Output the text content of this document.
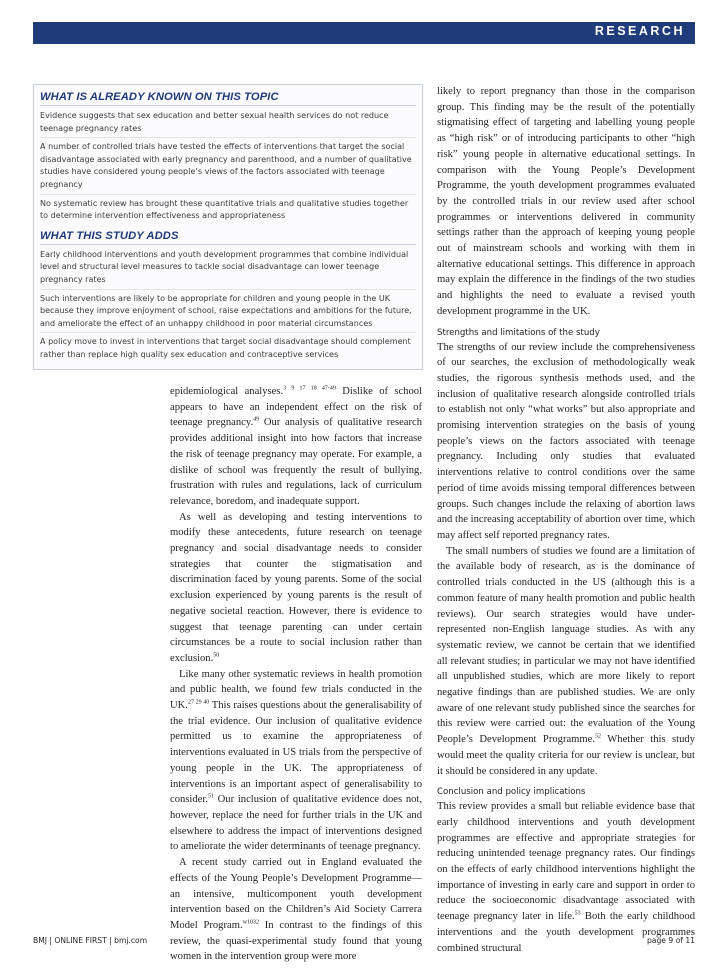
RESEARCH
WHAT IS ALREADY KNOWN ON THIS TOPIC

Evidence suggests that sex education and better sexual health services do not reduce teenage pregnancy rates

A number of controlled trials have tested the effects of interventions that target the social disadvantage associated with early pregnancy and parenthood, and a number of qualitative studies have considered young people’s views of the factors associated with teenage pregnancy

No systematic review has brought these quantitative trials and qualitative studies together to determine intervention effectiveness and appropriateness

WHAT THIS STUDY ADDS

Early childhood interventions and youth development programmes that combine individual level and structural level measures to tackle social disadvantage can lower teenage pregnancy rates

Such interventions are likely to be appropriate for children and young people in the UK because they improve enjoyment of school, raise expectations and ambitions for the future, and ameliorate the effect of an unhappy childhood in poor material circumstances

A policy move to invest in interventions that target social disadvantage should complement rather than replace high quality sex education and contraceptive services

epidemiological analyses.$^{3 9 17 18 47-49}$ Dislike of school appears to have an independent effect on the risk of teenage pregnancy.$^{49}$ Our analysis of qualitative research provides additional insight into how factors that increase the risk of teenage pregnancy may operate. For example, a dislike of school was frequently the result of bullying, frustration with rules and regulations, lack of curriculum relevance, boredom, and inadequate support.

As well as developing and testing interventions to modify these antecedents, future research on teenage pregnancy and social disadvantage needs to consider strategies that counter the stigmatisation and discrimination faced by young parents. Some of the social exclusion experienced by young parents is the result of negative societal reaction. However, there is evidence to suggest that teenage parenting can under certain circumstances be a route to social inclusion rather than exclusion.$^{50}$

Like many other systematic reviews in health promotion and public health, we found few trials conducted in the UK.$^{27 29 40}$ This raises questions about the generalisability of the trial evidence. Our inclusion of qualitative evidence permitted us to examine the appropriateness of interventions evaluated in US trials from the perspective of young people in the UK. The appropriateness of interventions is an important aspect of generalisability to consider.$^{51}$ Our inclusion of qualitative evidence does not, however, replace the need for further trials in the UK and elsewhere to address the impact of interventions designed to ameliorate the wider determinants of teenage pregnancy.

A recent study carried out in England evaluated the effects of the Young People’s Development Programme—an intensive, multicomponent youth development intervention based on the Children’s Aid Society Carrera Model Program.$^{w1032}$ In contrast to the findings of this review, the quasi-experimental study found that young women in the intervention group were more

likely to report pregnancy than those in the comparison group. This finding may be the result of the potentially stigmatising effect of targeting and labelling young people as “high risk” or of introducing participants to other “high risk” young people in alternative educational settings. In comparison with the Young People’s Development Programme, the youth development programmes evaluated by the controlled trials in our review used after school programmes or interventions delivered in community settings rather than the approach of keeping young people out of mainstream schools and working with them in alternative educational settings. This difference in approach may explain the difference in the findings of the two studies and highlights the need to evaluate a revised youth development programme in the UK.

Strengths and limitations of the study

The strengths of our review include the comprehensiveness of our searches, the exclusion of methodologically weak studies, the rigorous synthesis methods used, and the inclusion of qualitative research alongside controlled trials to establish not only “what works” but also appropriate and promising intervention strategies on the basis of young people’s views on the factors associated with teenage pregnancy. Including only studies that evaluated interventions relative to control conditions over the same period of time avoids missing temporal differences between groups. Such changes include the relaxing of abortion laws and the increasing acceptability of abortion over time, which may affect self reported pregnancy rates.

The small numbers of studies we found are a limitation of the available body of research, as is the dominance of controlled trials conducted in the US (although this is a common feature of many health promotion and public health reviews). Our search strategies would have under-represented non-English language studies. As with any systematic review, we cannot be certain that we identified all relevant studies; in particular we may not have identified all unpublished studies, which are more likely to report negative findings than are published studies. We are only aware of one relevant study published since the searches for this review were carried out: the evaluation of the Young People’s Development Programme.$^{52}$ Whether this study would meet the quality criteria for our review is unclear, but it should be considered in any update.

Conclusion and policy implications

This review provides a small but reliable evidence base that early childhood interventions and youth development programmes are effective and appropriate strategies for reducing unintended teenage pregnancy rates. Our findings on the effects of early childhood interventions highlight the importance of investing in early care and support in order to reduce the socioeconomic disadvantage associated with teenage pregnancy later in life.$^{53}$ Both the early childhood interventions and the youth development programmes combined structural

BMJ | ONLINE FIRST | bmj.com	page 9 of 11
